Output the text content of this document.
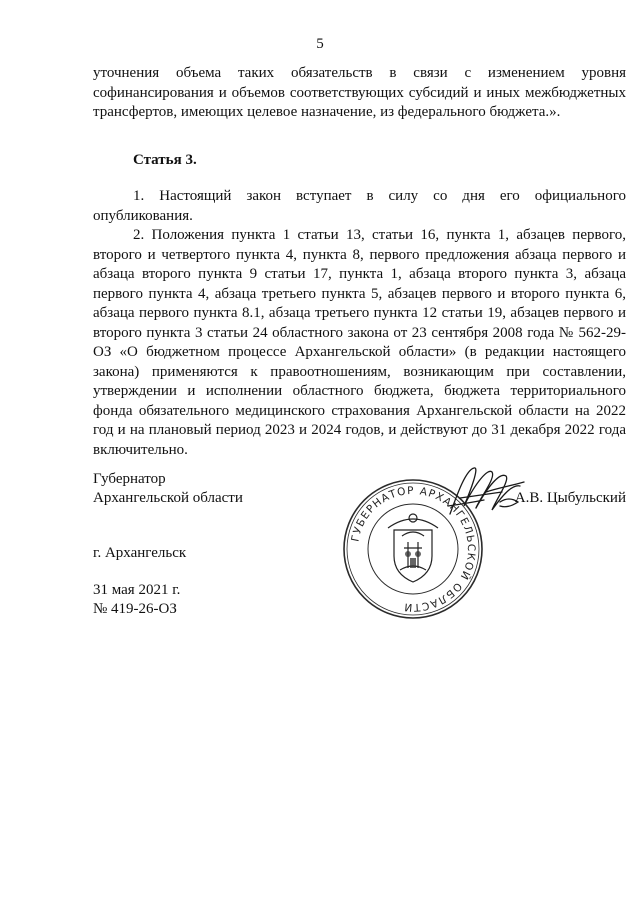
5

уточнения объема таких обязательств в связи с изменением уровня софинансирования и объемов соответствующих субсидий и иных межбюджетных трансфертов, имеющих целевое назначение, из федерального бюджета.».

Статья 3.

1. Настоящий закон вступает в силу со дня его официального опубликования.

2. Положения пункта 1 статьи 13, статьи 16, пункта 1, абзацев первого, второго и четвертого пункта 4, пункта 8, первого предложения абзаца первого и абзаца второго пункта 9 статьи 17, пункта 1, абзаца второго пункта 3, абзаца первого пункта 4, абзаца третьего пункта 5, абзацев первого и второго пункта 6, абзаца первого пункта 8.1, абзаца третьего пункта 12 статьи 19, абзацев первого и второго пункта 3 статьи 24 областного закона от 23 сентября 2008 года № 562-29-ОЗ «О бюджетном процессе Архангельской области» (в редакции настоящего закона) применяются к правоотношениям, возникающим при составлении, утверждении и исполнении областного бюджета, бюджета территориального фонда обязательного медицинского страхования Архангельской области на 2022 год и на плановый период 2023 и 2024 годов, и действуют до 31 декабря 2022 года включительно.

Губернатор
Архангельской области
ГУБЕРНАТОР АРХАНГЕЛЬСКОЙ ОБЛАСТИ
А.В. Цыбульский
г. Архангельск
31 мая 2021 г.
№ 419-26-ОЗ
